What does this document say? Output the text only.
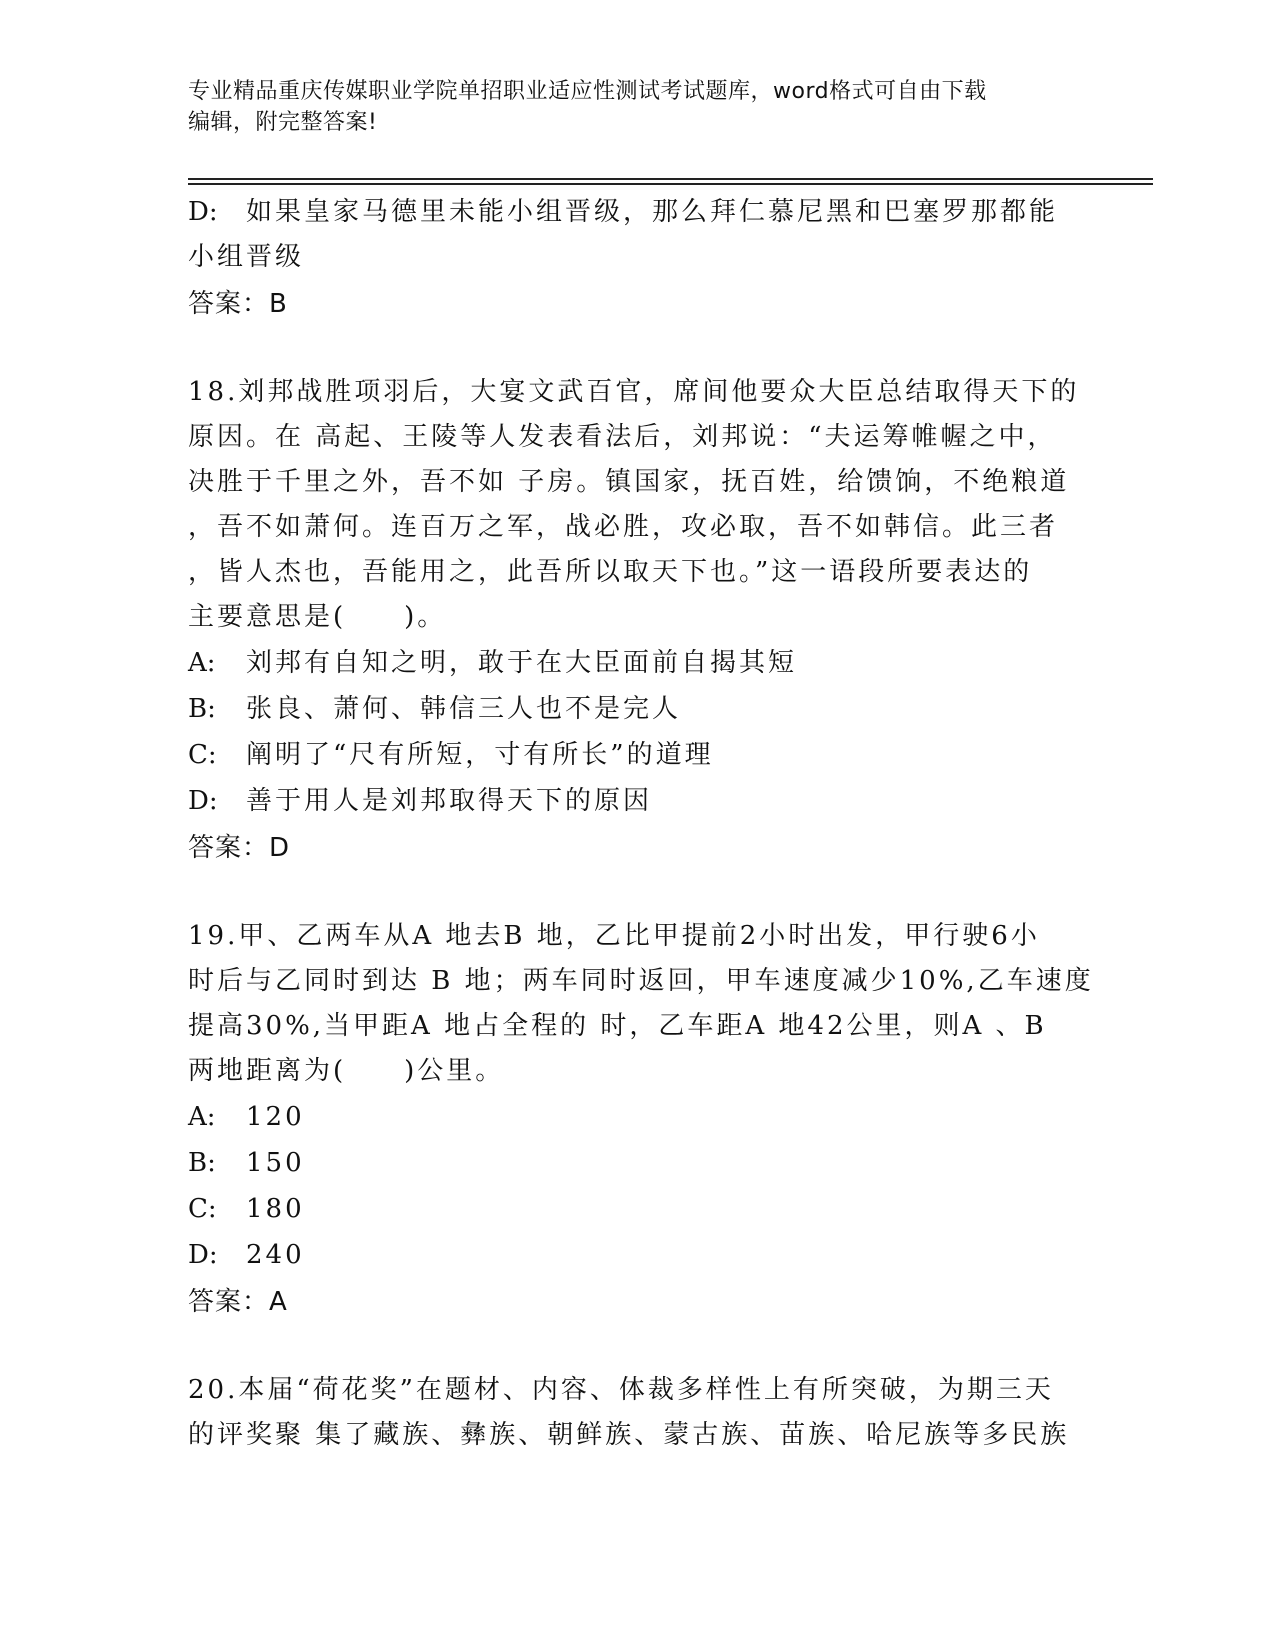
专业精品重庆传媒职业学院单招职业适应性测试考试题库，word格式可自由下载
编辑，附完整答案!
D: 如果皇家马德里未能小组晋级，那么拜仁慕尼黑和巴塞罗那都能
小组晋级
答案：B
18.刘邦战胜项羽后，大宴文武百官，席间他要众大臣总结取得天下的
原因。在 高起、王陵等人发表看法后，刘邦说：“夫运筹帷幄之中，
决胜于千里之外，吾不如 子房。镇国家，抚百姓，给馈饷，不绝粮道
，吾不如萧何。连百万之军，战必胜，攻必取，吾不如韩信。此三者
，皆人杰也，吾能用之，此吾所以取天下也。”这一语段所要表达的
主要意思是(　　)。
A: 刘邦有自知之明，敢于在大臣面前自揭其短
B: 张良、萧何、韩信三人也不是完人
C: 阐明了“尺有所短，寸有所长”的道理
D: 善于用人是刘邦取得天下的原因
答案：D
19.甲、乙两车从A 地去B 地，乙比甲提前2小时出发，甲行驶6小
时后与乙同时到达 B 地；两车同时返回，甲车速度减少10%,乙车速度
提高30%,当甲距A 地占全程的 时，乙车距A 地42公里，则A 、B
两地距离为(　　)公里。
A: 120
B: 150
C: 180
D: 240
答案：A
20.本届“荷花奖”在题材、内容、体裁多样性上有所突破，为期三天
的评奖聚 集了藏族、彝族、朝鲜族、蒙古族、苗族、哈尼族等多民族
